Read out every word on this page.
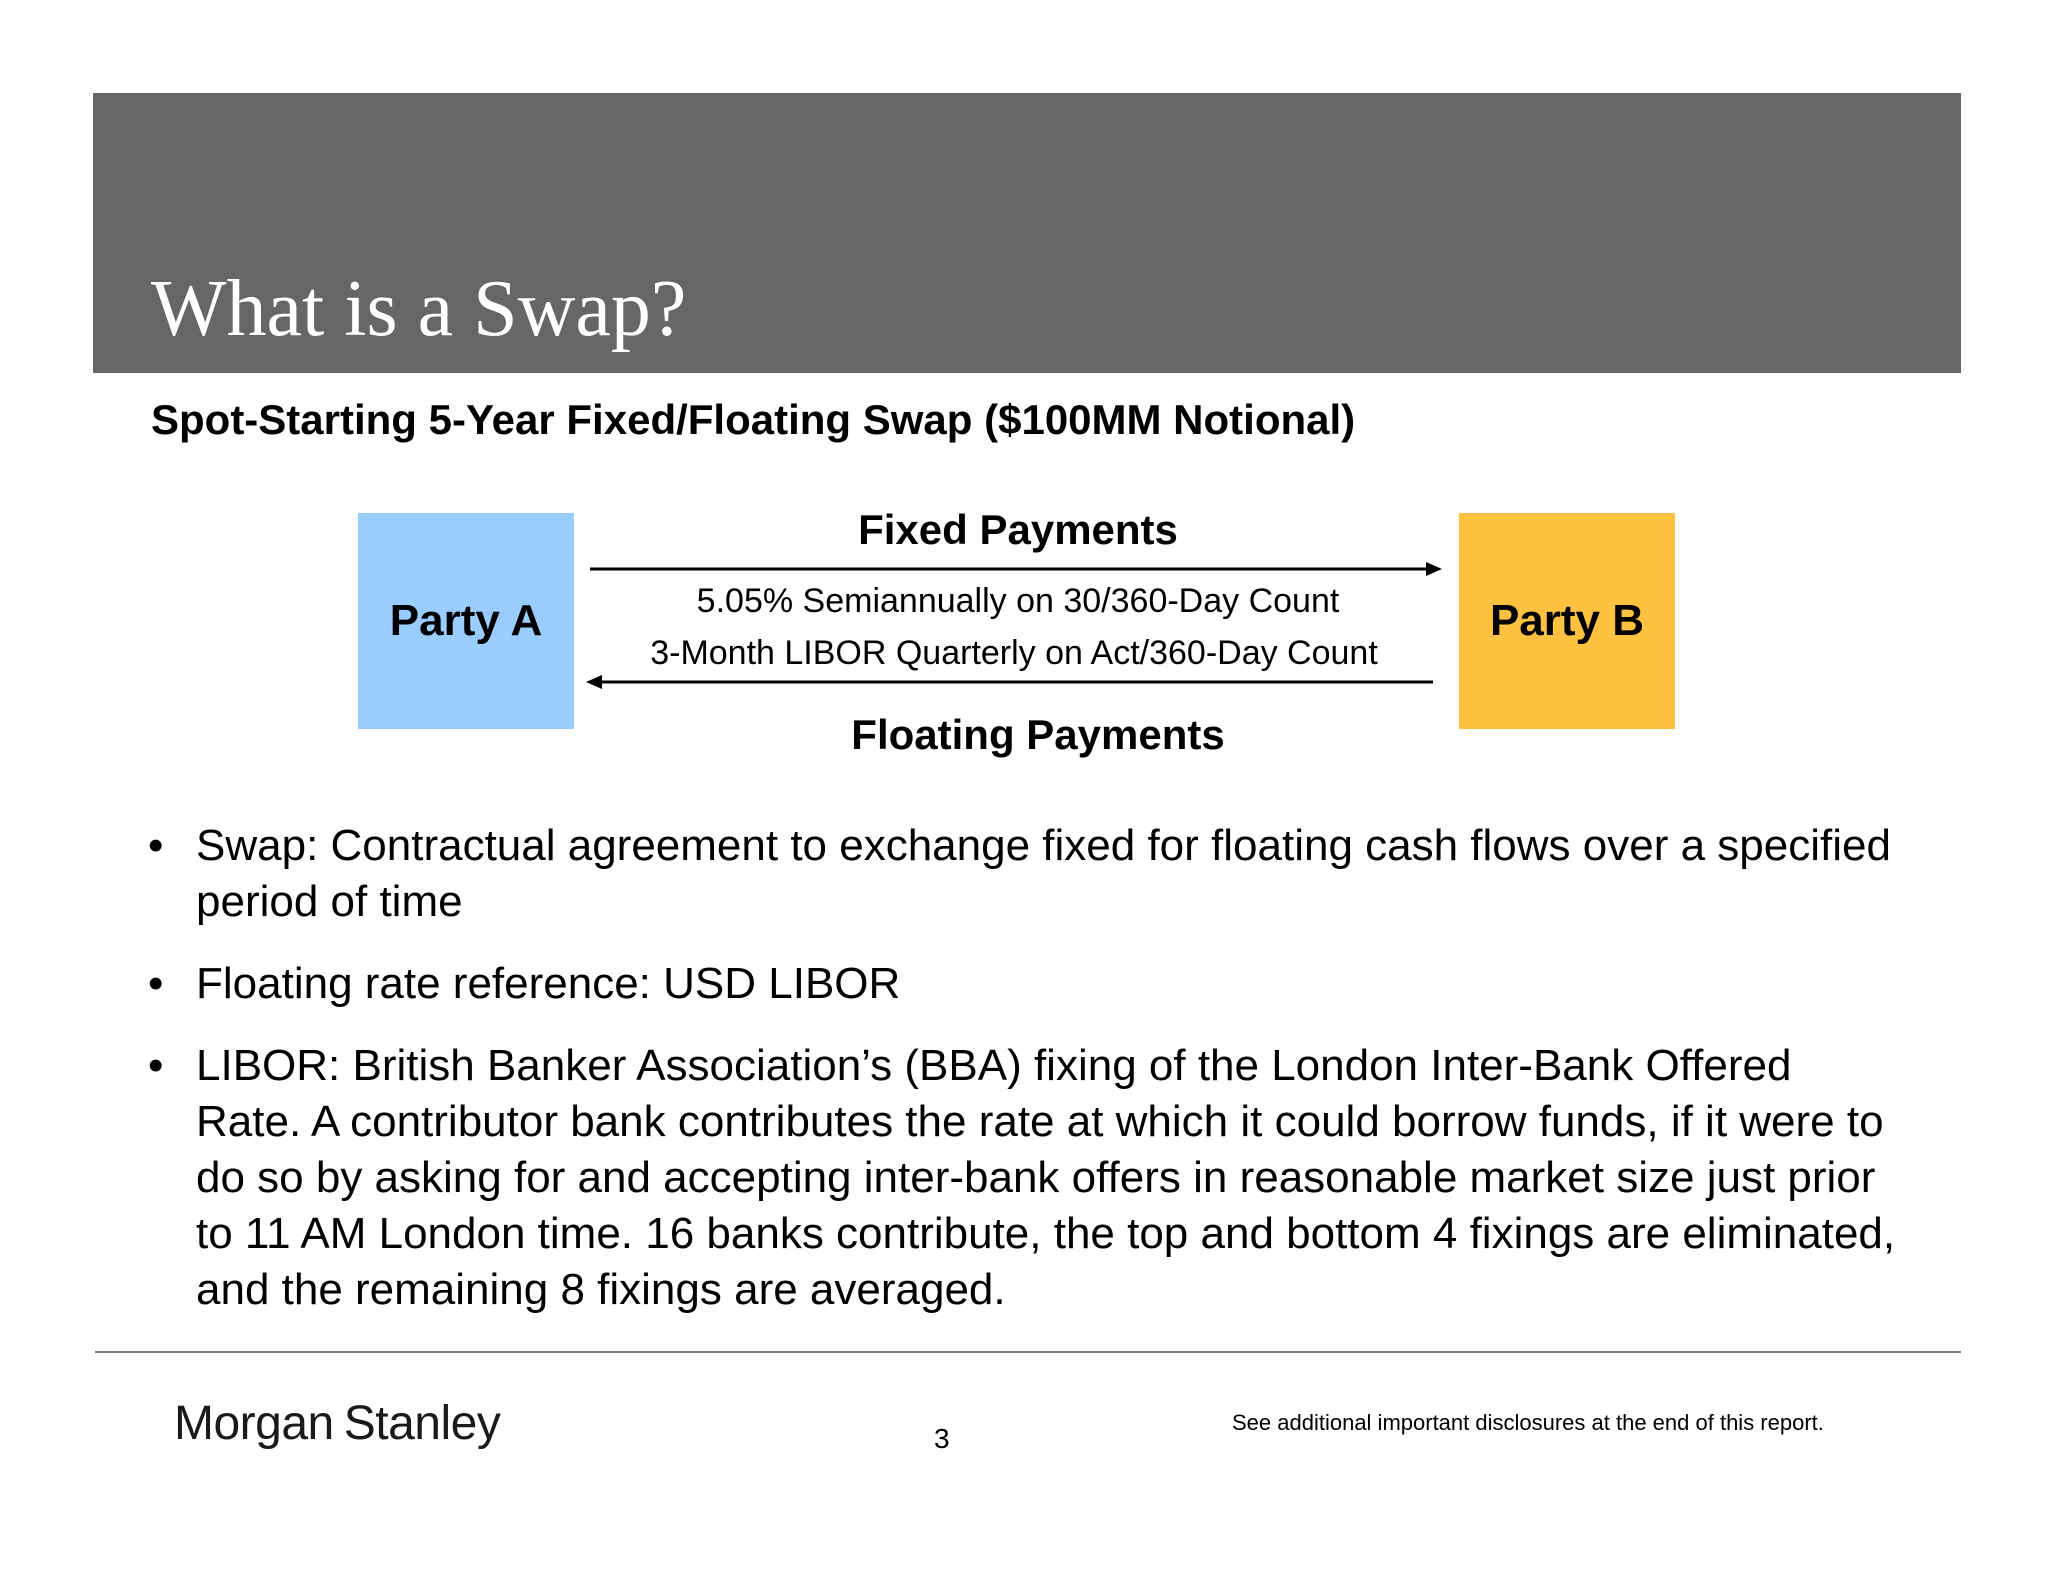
What is a Swap?
Spot-Starting 5-Year Fixed/Floating Swap ($100MM Notional)
Party A	Party B
Fixed Payments
5.05% Semiannually on 30/360-Day Count
3-Month LIBOR Quarterly on Act/360-Day Count
Floating Payments
• Swap: Contractual agreement to exchange fixed for floating cash flows over a specified period of time
• Floating rate reference: USD LIBOR
• LIBOR: British Banker Association’s (BBA) fixing of the London Inter-Bank Offered Rate. A contributor bank contributes the rate at which it could borrow funds, if it were to do so by asking for and accepting inter-bank offers in reasonable market size just prior to 11 AM London time. 16 banks contribute, the top and bottom 4 fixings are eliminated, and the remaining 8 fixings are averaged.
Morgan Stanley	3
See additional important disclosures at the end of this report.
